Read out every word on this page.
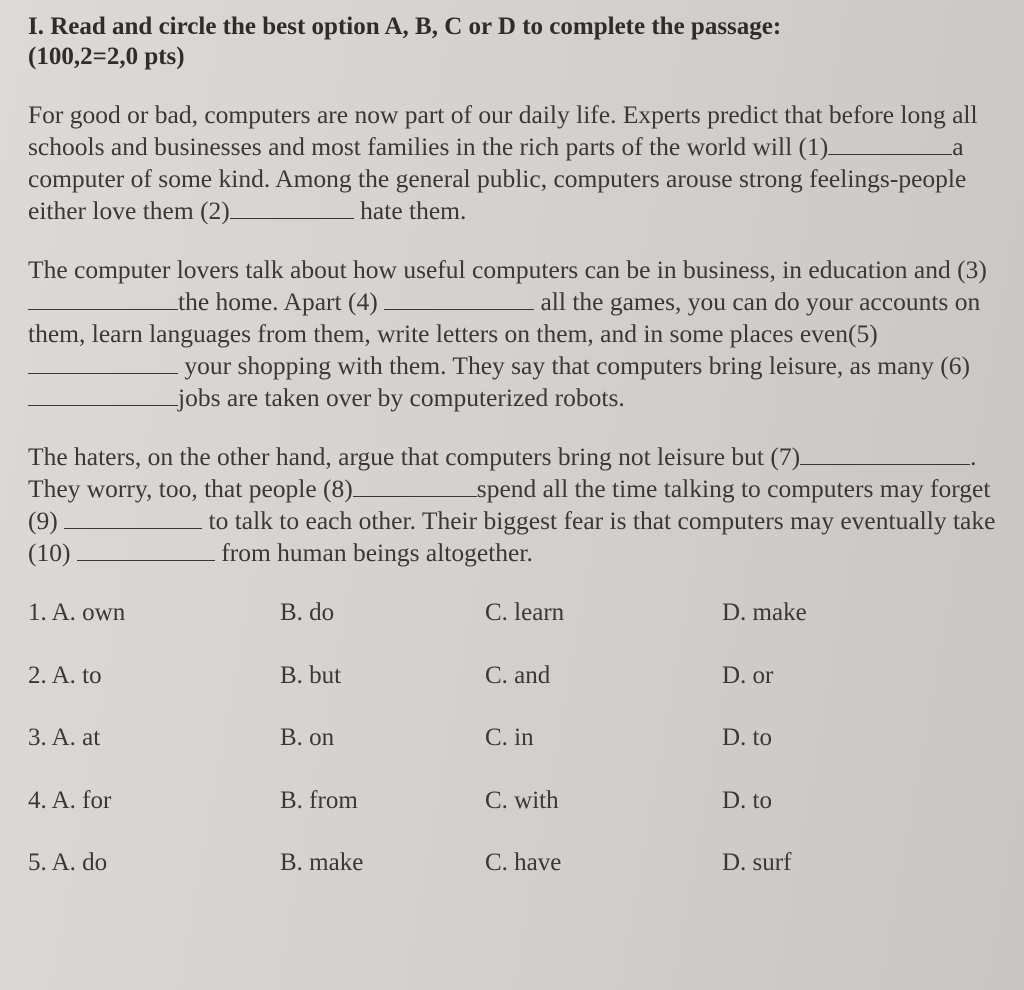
I. Read and circle the best option A, B, C or D to complete the passage:
(100,2=2,0 pts)

For good or bad, computers are now part of our daily life. Experts predict that before long all schools and businesses and most families in the rich parts of the world will (1)	a computer of some kind. Among the general public, computers arouse strong feelings-people either love them (2)	hate them.

The computer lovers talk about how useful computers can be in business, in education and (3) the home. Apart (4)	all the games, you can do your accounts on them, learn languages from them, write letters on them, and in some places even(5) your shopping with them. They say that computers bring leisure, as many (6)jobs are taken over by computerized robots.

The haters, on the other hand, argue that computers bring not leisure but (7)	. They worry, too, that people (8)	spend all the time talking to computers may forget (9)	to talk to each other. Their biggest fear is that computers may eventually take (10)	from human beings altogether.

1. A. own	B. do	C. learn	D. make
2. A. to	B. but	C. and	D. or
3. A. at	B. on	C. in	D. to
4. A. for	B. from	C. with	D. to
5. A. do	B. make	C. have	D. surf
